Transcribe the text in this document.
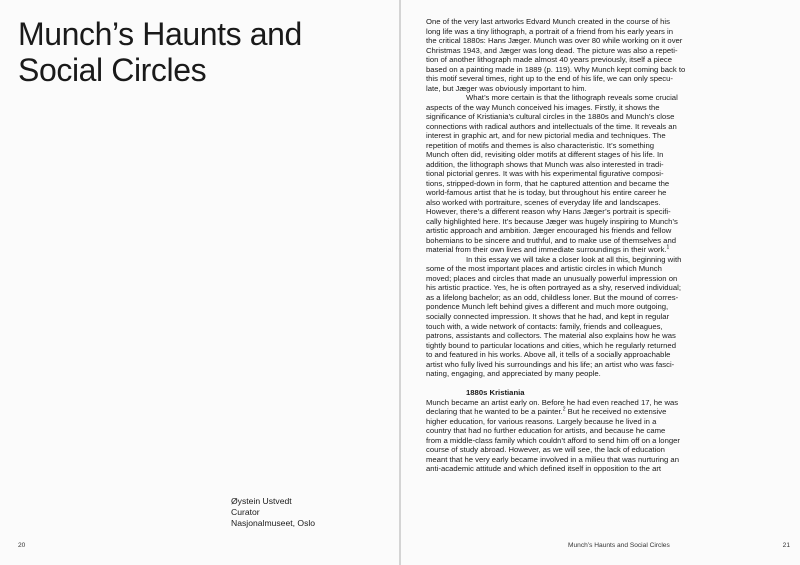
Munch’s Haunts and
Social Circles
Øystein Ustvedt
Curator
Nasjonalmuseet, Oslo
20

One of the very last artworks Edvard Munch created in the course of his
long life was a tiny lithograph, a portrait of a friend from his early years in
the critical 1880s: Hans Jæger. Munch was over 80 while working on it over
Christmas 1943, and Jæger was long dead. The picture was also a repeti-
tion of another lithograph made almost 40 years previously, itself a piece
based on a painting made in 1889 (p. 119). Why Munch kept coming back to
this motif several times, right up to the end of his life, we can only specu-
late, but Jæger was obviously important to him.

What’s more certain is that the lithograph reveals some crucial
aspects of the way Munch conceived his images. Firstly, it shows the
significance of Kristiania’s cultural circles in the 1880s and Munch’s close
connections with radical authors and intellectuals of the time. It reveals an
interest in graphic art, and for new pictorial media and techniques. The
repetition of motifs and themes is also characteristic. It’s something
Munch often did, revisiting older motifs at different stages of his life. In
addition, the lithograph shows that Munch was also interested in tradi-
tional pictorial genres. It was with his experimental figurative composi-
tions, stripped-down in form, that he captured attention and became the
world-famous artist that he is today, but throughout his entire career he
also worked with portraiture, scenes of everyday life and landscapes.
However, there’s a different reason why Hans Jæger’s portrait is specifi-
cally highlighted here. It’s because Jæger was hugely inspiring to Munch’s
artistic approach and ambition. Jæger encouraged his friends and fellow
bohemians to be sincere and truthful, and to make use of themselves and
material from their own lives and immediate surroundings in their work.$^1$

In this essay we will take a closer look at all this, beginning with
some of the most important places and artistic circles in which Munch
moved; places and circles that made an unusually powerful impression on
his artistic practice. Yes, he is often portrayed as a shy, reserved individual;
as a lifelong bachelor; as an odd, childless loner. But the mound of corres-
pondence Munch left behind gives a different and much more outgoing,
socially connected impression. It shows that he had, and kept in regular
touch with, a wide network of contacts: family, friends and colleagues,
patrons, assistants and collectors. The material also explains how he was
tightly bound to particular locations and cities, which he regularly returned
to and featured in his works. Above all, it tells of a socially approachable
artist who fully lived his surroundings and his life; an artist who was fasci-
nating, engaging, and appreciated by many people.

1880s Kristiania

Munch became an artist early on. Before he had even reached 17, he was
declaring that he wanted to be a painter.$^2$ But he received no extensive
higher education, for various reasons. Largely because he lived in a
country that had no further education for artists, and because he came
from a middle-class family which couldn’t afford to send him off on a longer
course of study abroad. However, as we will see, the lack of education
meant that he very early became involved in a milieu that was nurturing an
anti-academic attitude and which defined itself in opposition to the art

Munch’s Haunts and Social Circles	21
